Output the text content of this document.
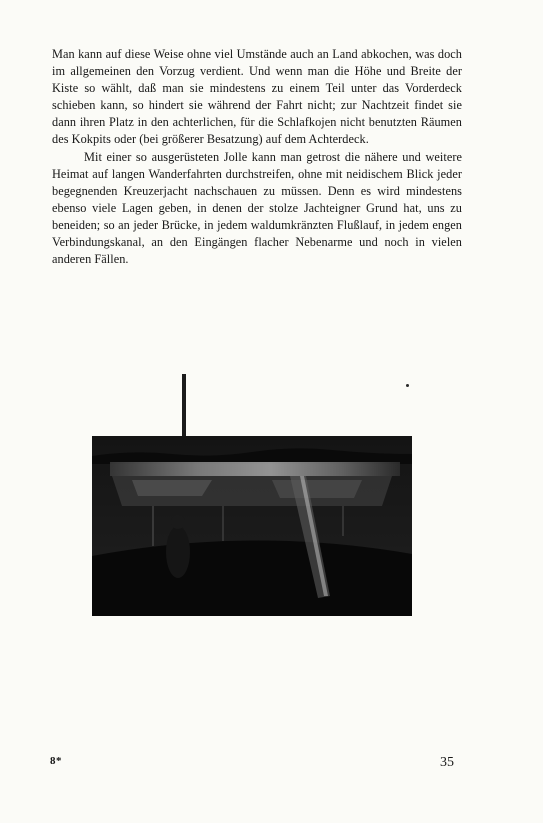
Man kann auf diese Weise ohne viel Umstände auch an Land abkochen, was doch im allgemeinen den Vorzug verdient. Und wenn man die Höhe und Breite der Kiste so wählt, daß man sie mindestens zu einem Teil unter das Vorderdeck schieben kann, so hindert sie während der Fahrt nicht; zur Nachtzeit findet sie dann ihren Platz in den achterlichen, für die Schlafkojen nicht benutzten Räumen des Kokpits oder (bei größerer Besatzung) auf dem Achterdeck.

Mit einer so ausgerüsteten Jolle kann man getrost die nähere und weitere Heimat auf langen Wanderfahrten durchstreifen, ohne mit neidischem Blick jeder begegnenden Kreuzerjacht nachschauen zu müssen. Denn es wird mindestens ebenso viele Lagen geben, in denen der stolze Jachteigner Grund hat, uns zu beneiden; so an jeder Brücke, in jedem waldumkränzten Flußlauf, in jedem engen Verbindungskanal, an den Eingängen flacher Nebenarme und noch in vielen anderen Fällen.

8*	35
